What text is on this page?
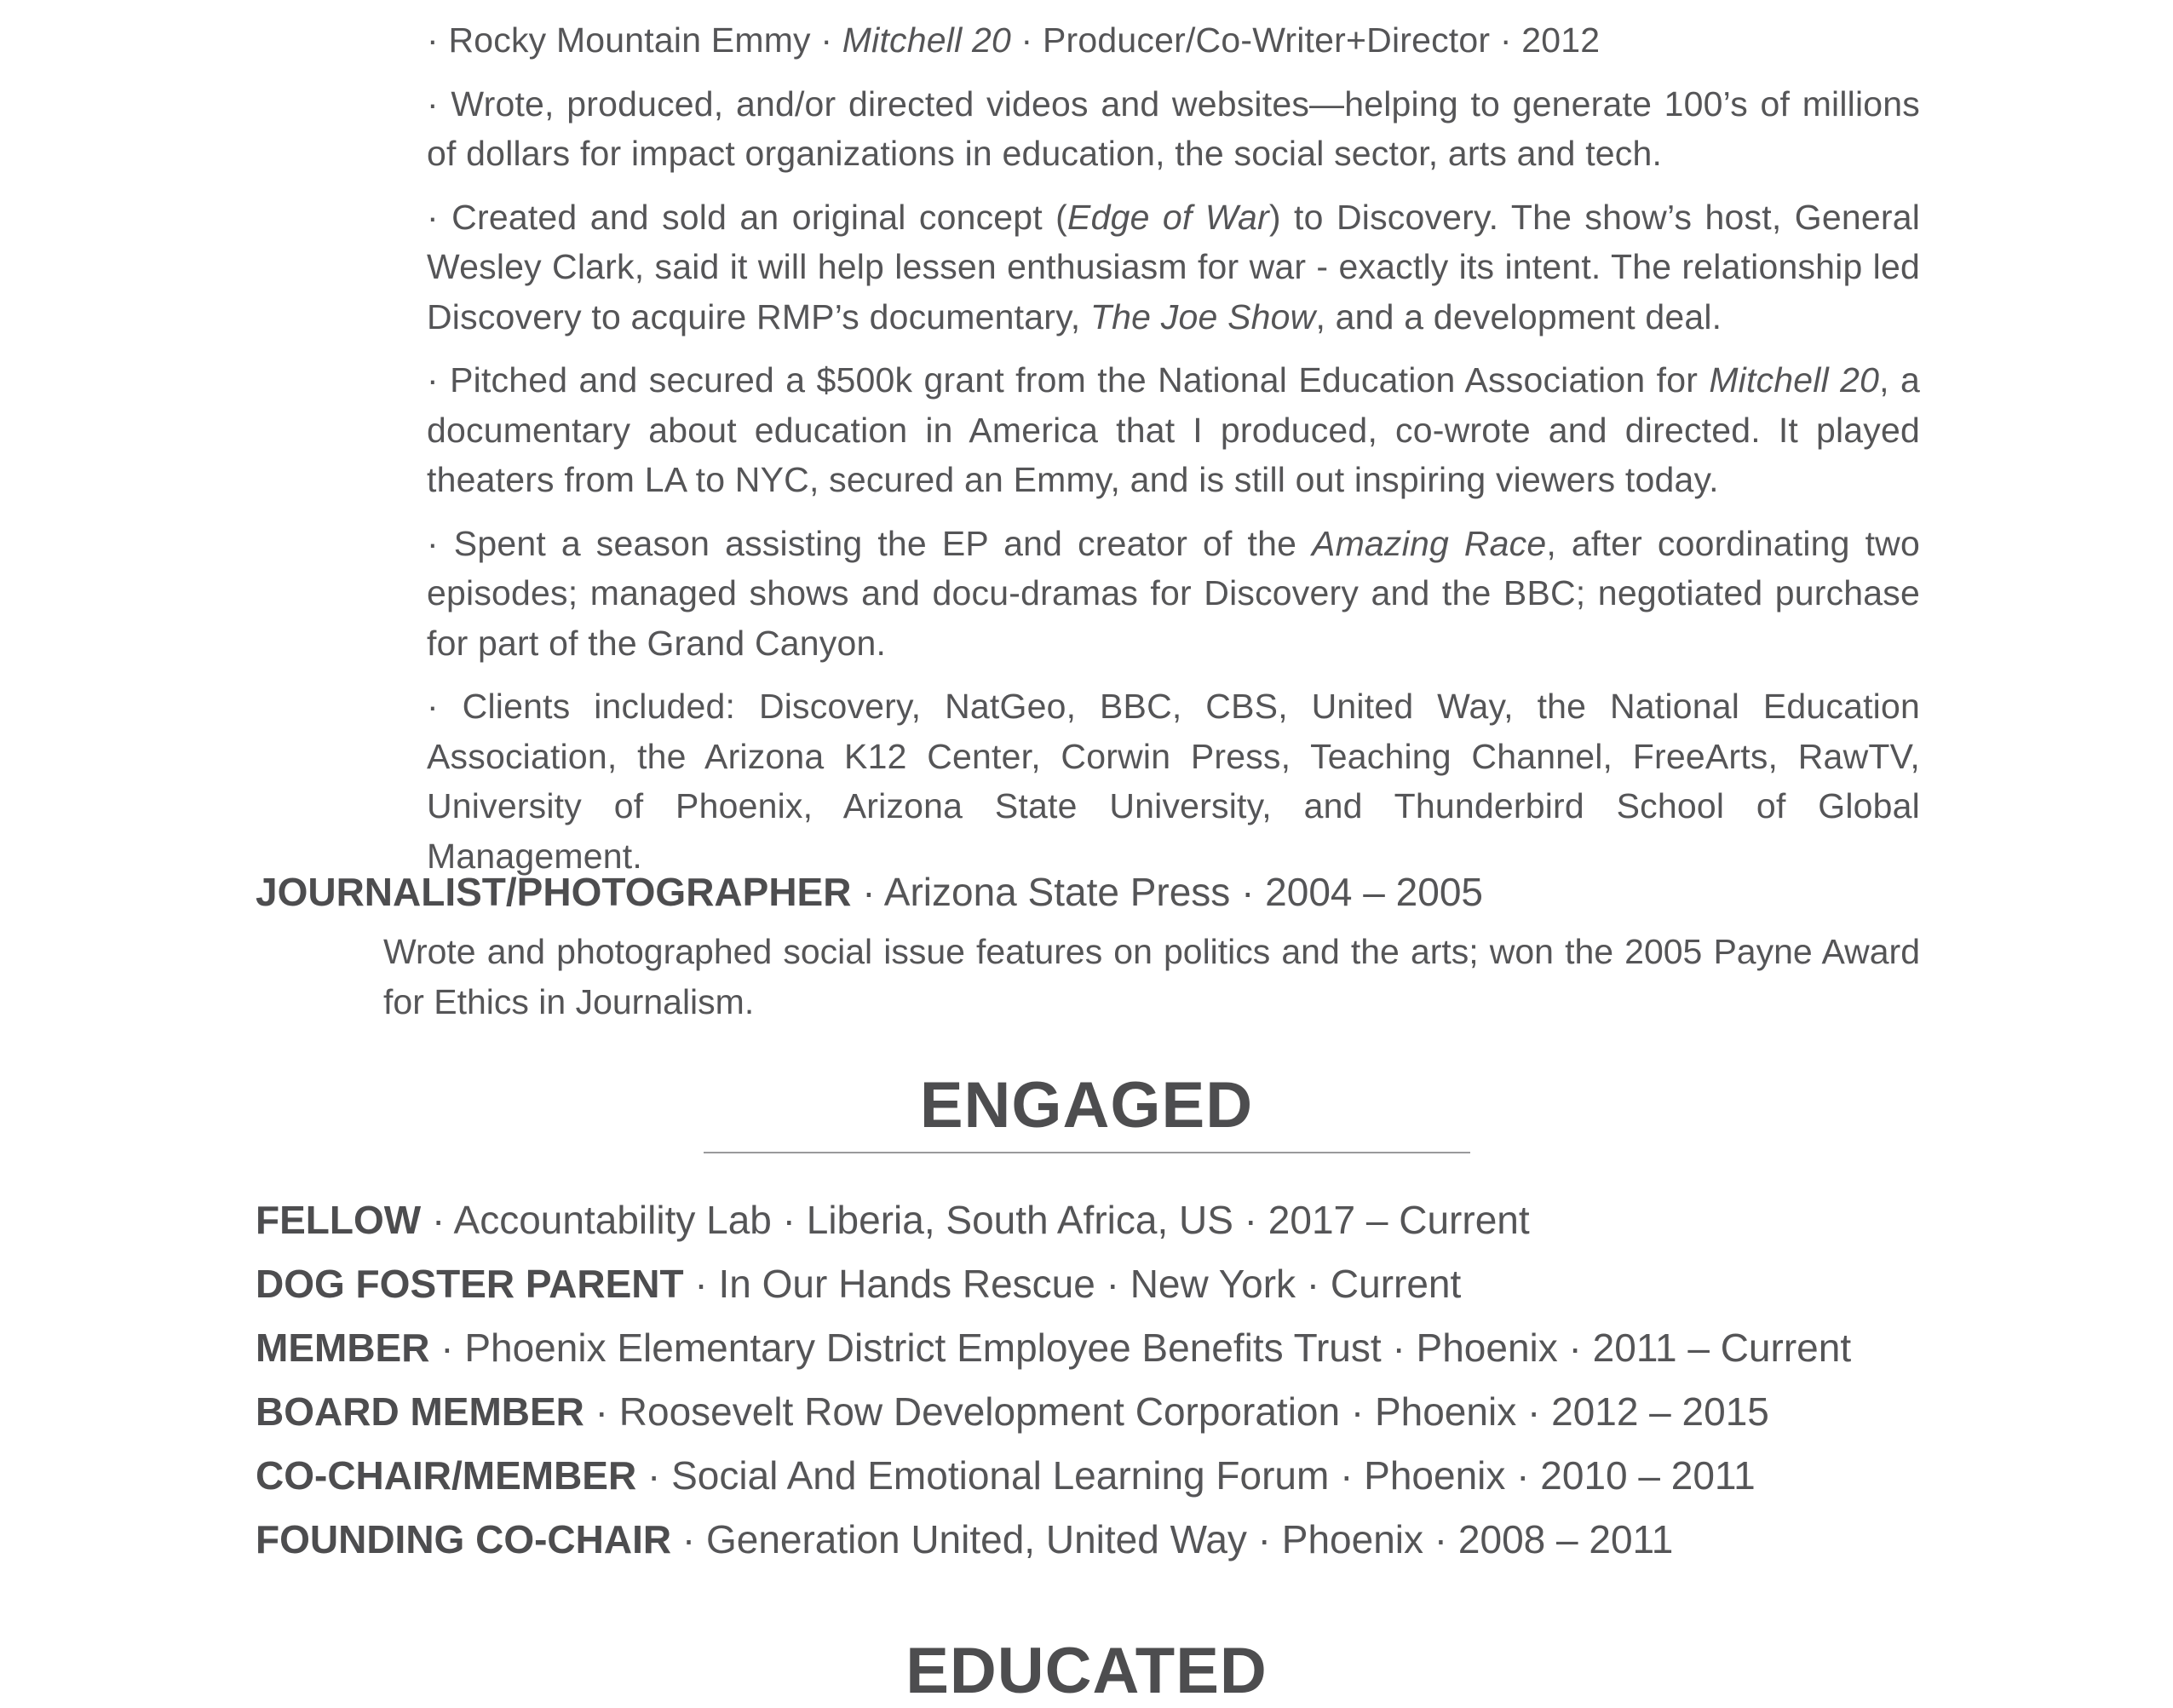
· Rocky Mountain Emmy · Mitchell 20 · Producer/Co-Writer+Director · 2012

· Wrote, produced, and/or directed videos and websites—helping to generate 100’s of millions of dollars for impact organizations in education, the social sector, arts and tech.

· Created and sold an original concept (Edge of War) to Discovery. The show’s host, General Wesley Clark, said it will help lessen enthusiasm for war - exactly its intent. The relationship led Discovery to acquire RMP’s documentary, The Joe Show, and a development deal.

· Pitched and secured a $500k grant from the National Education Association for Mitchell 20, a documentary about education in America that I produced, co-wrote and directed. It played theaters from LA to NYC, secured an Emmy, and is still out inspiring viewers today.

· Spent a season assisting the EP and creator of the Amazing Race, after coordinating two episodes; managed shows and docu-dramas for Discovery and the BBC; negotiated purchase for part of the Grand Canyon.

· Clients included: Discovery, NatGeo, BBC, CBS, United Way, the National Education Association, the Arizona K12 Center, Corwin Press, Teaching Channel, FreeArts, RawTV, University of Phoenix, Arizona State University, and Thunderbird School of Global Management.

JOURNALIST/PHOTOGRAPHER · Arizona State Press · 2004 – 2005

Wrote and photographed social issue features on politics and the arts; won the 2005 Payne Award for Ethics in Journalism.

ENGAGED
FELLOW · Accountability Lab · Liberia, South Africa, US · 2017 – Current
DOG FOSTER PARENT · In Our Hands Rescue · New York · Current
MEMBER · Phoenix Elementary District Employee Benefits Trust · Phoenix · 2011 – Current
BOARD MEMBER · Roosevelt Row Development Corporation · Phoenix · 2012 – 2015
CO-CHAIR/MEMBER · Social And Emotional Learning Forum · Phoenix · 2010 – 2011
FOUNDING CO-CHAIR · Generation United, United Way · Phoenix · 2008 – 2011
EDUCATED
